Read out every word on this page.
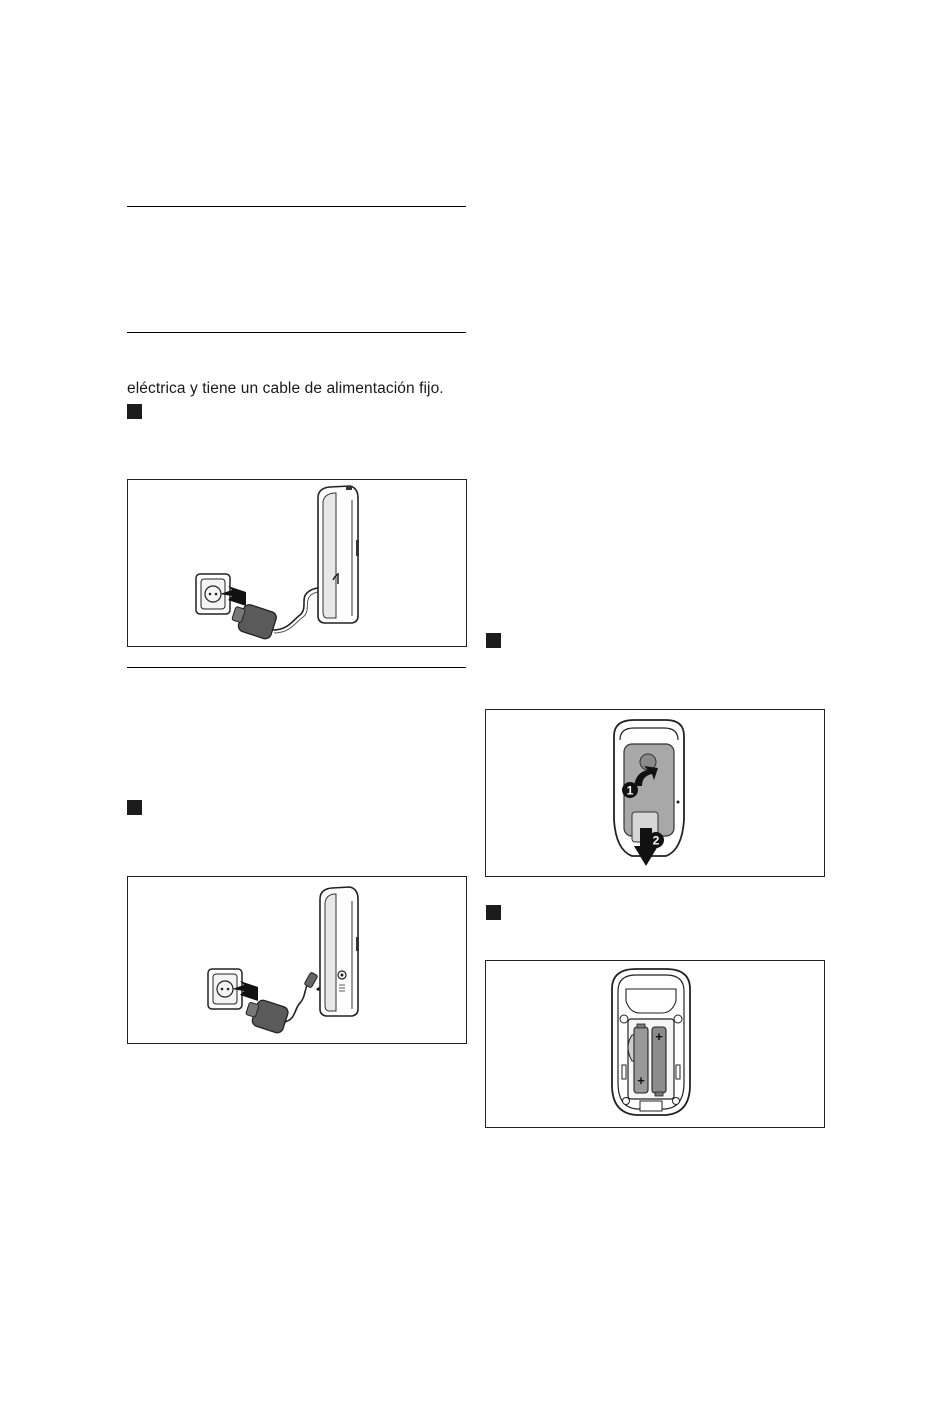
eléctrica y tiene un cable de alimentación fijo.
1
2
+
+
